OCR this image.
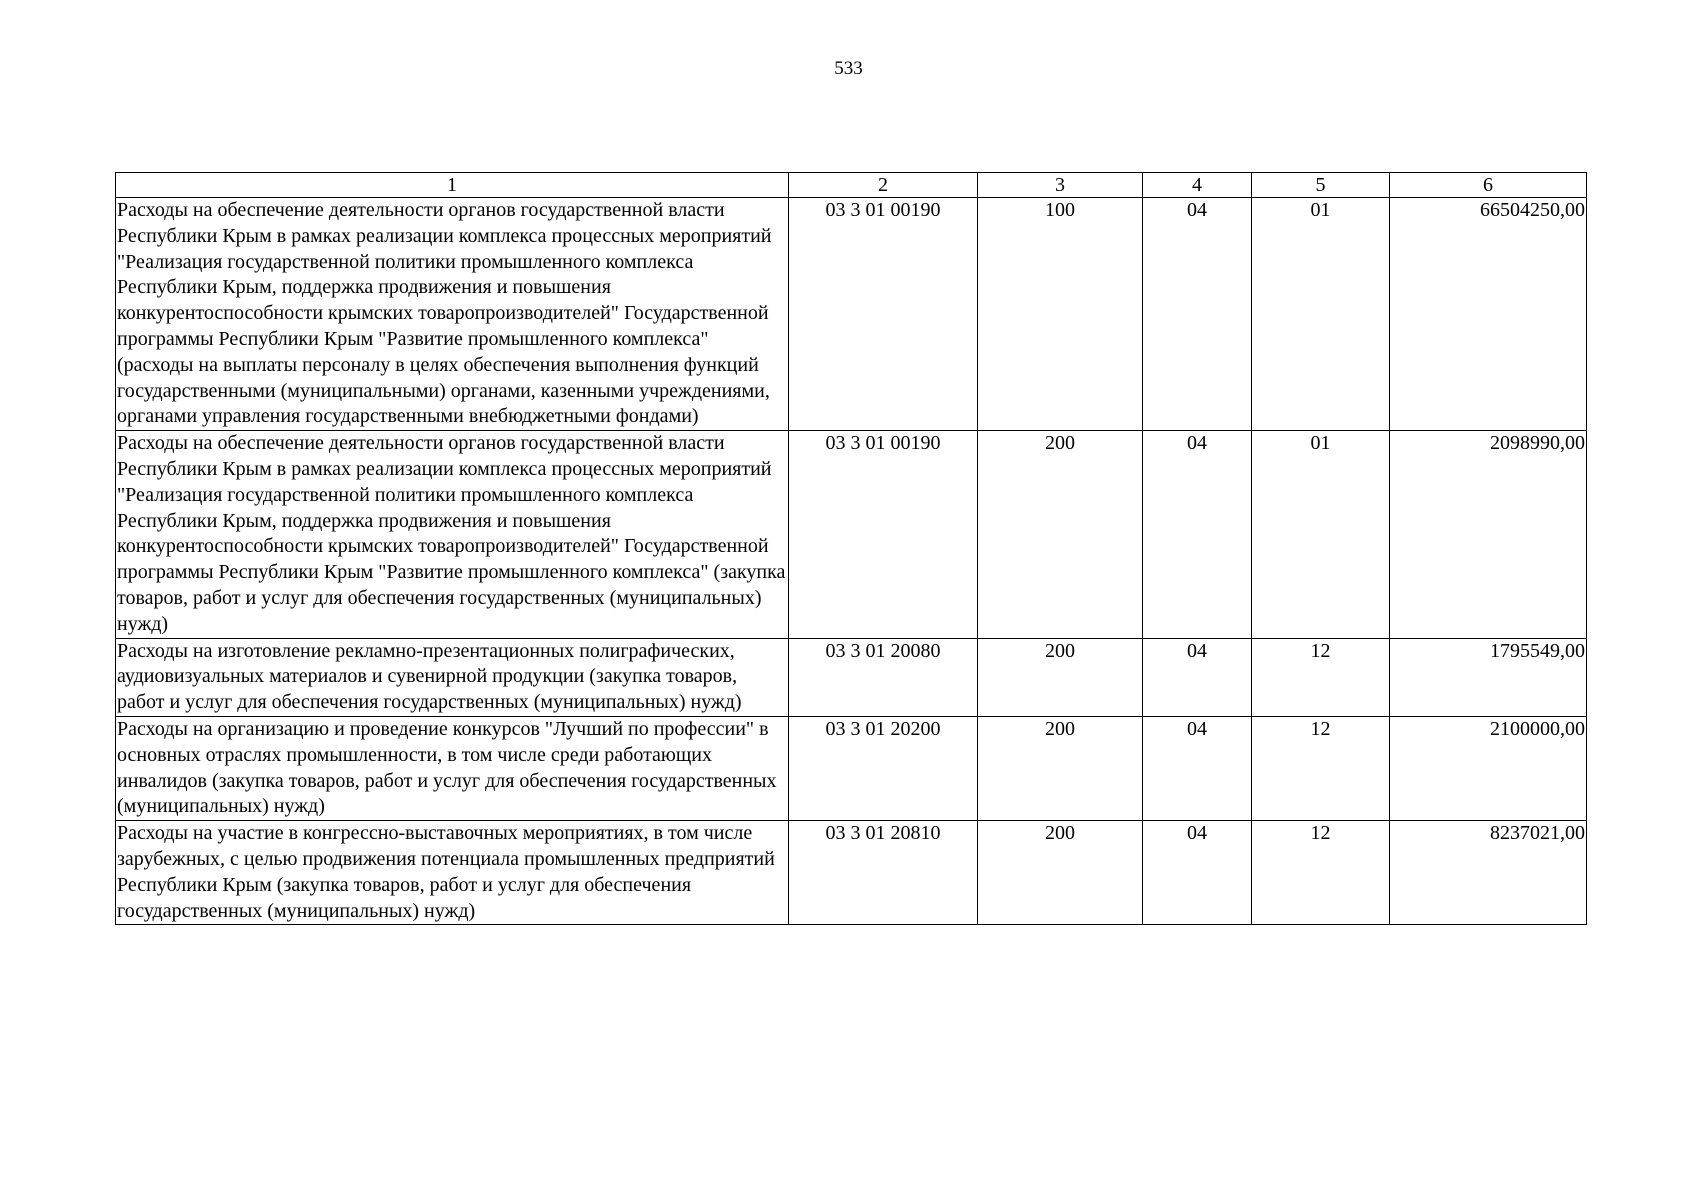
533
1	2	3	4	5	6
Расходы на обеспечение деятельности органов государственной власти Республики Крым в рамках реализации комплекса процессных мероприятий "Реализация государственной политики промышленного комплекса Республики Крым, поддержка продвижения и повышения конкурентоспособности крымских товаропроизводителей" Государственной программы Республики Крым "Развитие промышленного комплекса" (расходы на выплаты персоналу в целях обеспечения выполнения функций государственными (муниципальными) органами, казенными учреждениями, органами управления государственными внебюджетными фондами)	03 3 01 00190	100	04	01	66504250,00
Расходы на обеспечение деятельности органов государственной власти Республики Крым в рамках реализации комплекса процессных мероприятий "Реализация государственной политики промышленного комплекса Республики Крым, поддержка продвижения и повышения конкурентоспособности крымских товаропроизводителей" Государственной программы Республики Крым "Развитие промышленного комплекса" (закупка товаров, работ и услуг для обеспечения государственных (муниципальных) нужд)	03 3 01 00190	200	04	01	2098990,00
Расходы на изготовление рекламно-презентационных полиграфических, аудиовизуальных материалов и сувенирной продукции (закупка товаров, работ и услуг для обеспечения государственных (муниципальных) нужд)	03 3 01 20080	200	04	12	1795549,00
Расходы на организацию и проведение конкурсов "Лучший по профессии" в основных отраслях промышленности, в том числе среди работающих инвалидов (закупка товаров, работ и услуг для обеспечения государственных (муниципальных) нужд)	03 3 01 20200	200	04	12	2100000,00
Расходы на участие в конгрессно-выставочных мероприятиях, в том числе зарубежных, с целью продвижения потенциала промышленных предприятий Республики Крым (закупка товаров, работ и услуг для обеспечения государственных (муниципальных) нужд)	03 3 01 20810	200	04	12	8237021,00
